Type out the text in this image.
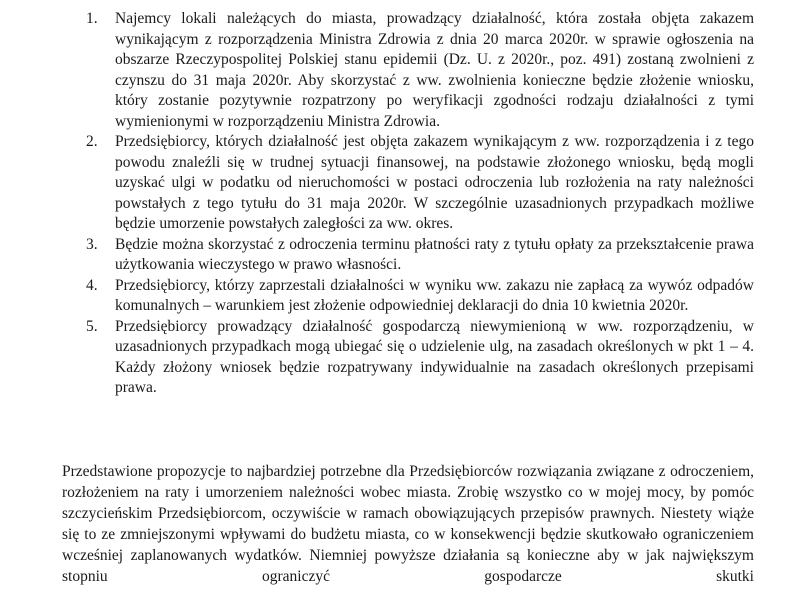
1. Najemcy lokali należących do miasta, prowadzący działalność, która została objęta zakazem wynikającym z rozporządzenia Ministra Zdrowia z dnia 20 marca 2020r. w sprawie ogłoszenia na obszarze Rzeczypospolitej Polskiej stanu epidemii (Dz. U. z 2020r., poz. 491) zostaną zwolnieni z czynszu do 31 maja 2020r. Aby skorzystać z ww. zwolnienia konieczne będzie złożenie wniosku, który zostanie pozytywnie rozpatrzony po weryfikacji zgodności rodzaju działalności z tymi wymienionymi w rozporządzeniu Ministra Zdrowia.
2. Przedsiębiorcy, których działalność jest objęta zakazem wynikającym z ww. rozporządzenia i z tego powodu znaleźli się w trudnej sytuacji finansowej, na podstawie złożonego wniosku, będą mogli uzyskać ulgi w podatku od nieruchomości w postaci odroczenia lub rozłożenia na raty należności powstałych z tego tytułu do 31 maja 2020r. W szczególnie uzasadnionych przypadkach możliwe będzie umorzenie powstałych zaległości za ww. okres.
3. Będzie można skorzystać z odroczenia terminu płatności raty z tytułu opłaty za przekształcenie prawa użytkowania wieczystego w prawo własności.
4. Przedsiębiorcy, którzy zaprzestali działalności w wyniku ww. zakazu nie zapłacą za wywóz odpadów komunalnych – warunkiem jest złożenie odpowiedniej deklaracji do dnia 10 kwietnia 2020r.
5. Przedsiębiorcy prowadzący działalność gospodarczą niewymienioną w ww. rozporządzeniu, w uzasadnionych przypadkach mogą ubiegać się o udzielenie ulg, na zasadach określonych w pkt 1 – 4. Każdy złożony wniosek będzie rozpatrywany indywidualnie na zasadach określonych przepisami prawa.

Przedstawione propozycje to najbardziej potrzebne dla Przedsiębiorców rozwiązania związane z odroczeniem, rozłożeniem na raty i umorzeniem należności wobec miasta. Zrobię wszystko co w mojej mocy, by pomóc szczycieńskim Przedsiębiorcom, oczywiście w ramach obowiązujących przepisów prawnych. Niestety wiąże się to ze zmniejszonymi wpływami do budżetu miasta, co w konsekwencji będzie skutkowało ograniczeniem wcześniej zaplanowanych wydatków. Niemniej powyższe działania są konieczne aby w jak największym stopniu ograniczyć gospodarcze skutki
